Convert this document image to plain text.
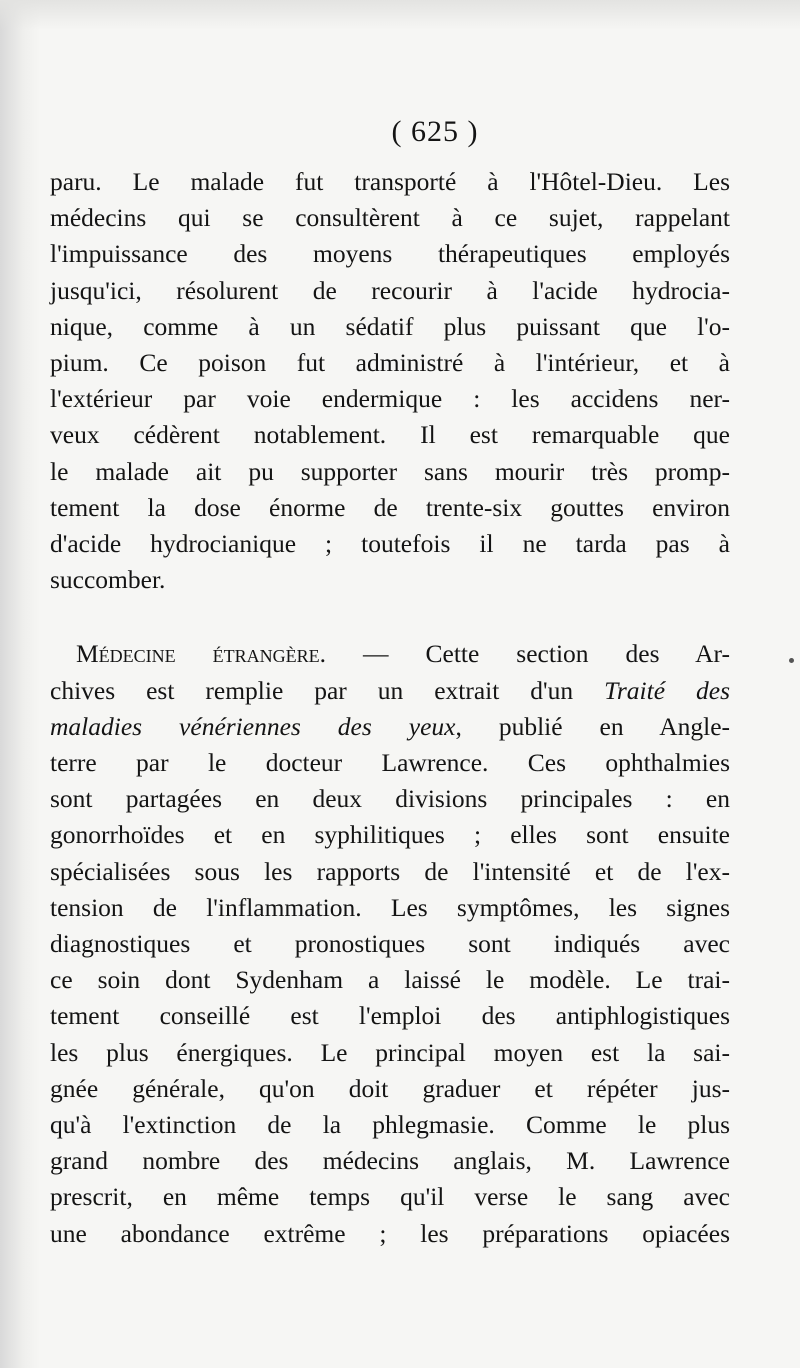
( 625 )
paru. Le malade fut transporté à l'Hôtel-Dieu. Les
médecins qui se consultèrent à ce sujet, rappelant
l'impuissance des moyens thérapeutiques employés
jusqu'ici, résolurent de recourir à l'acide hydrocia-
nique, comme à un sédatif plus puissant que l'o-
pium. Ce poison fut administré à l'intérieur, et à
l'extérieur par voie endermique : les accidens ner-
veux cédèrent notablement. Il est remarquable que
le malade ait pu supporter sans mourir très promp-
tement la dose énorme de trente-six gouttes environ
d'acide hydrocianique ; toutefois il ne tarda pas à
succomber.
Médecine étrangère. — Cette section des Ar-
chives est remplie par un extrait d'un Traité des
maladies vénériennes des yeux, publié en Angle-
terre par le docteur Lawrence. Ces ophthalmies
sont partagées en deux divisions principales : en
gonorrhoïdes et en syphilitiques ; elles sont ensuite
spécialisées sous les rapports de l'intensité et de l'ex-
tension de l'inflammation. Les symptômes, les signes
diagnostiques et pronostiques sont indiqués avec
ce soin dont Sydenham a laissé le modèle. Le trai-
tement conseillé est l'emploi des antiphlogistiques
les plus énergiques. Le principal moyen est la sai-
gnée générale, qu'on doit graduer et répéter jus-
qu'à l'extinction de la phlegmasie. Comme le plus
grand nombre des médecins anglais, M. Lawrence
prescrit, en même temps qu'il verse le sang avec
une abondance extrême ; les préparations opiacées
